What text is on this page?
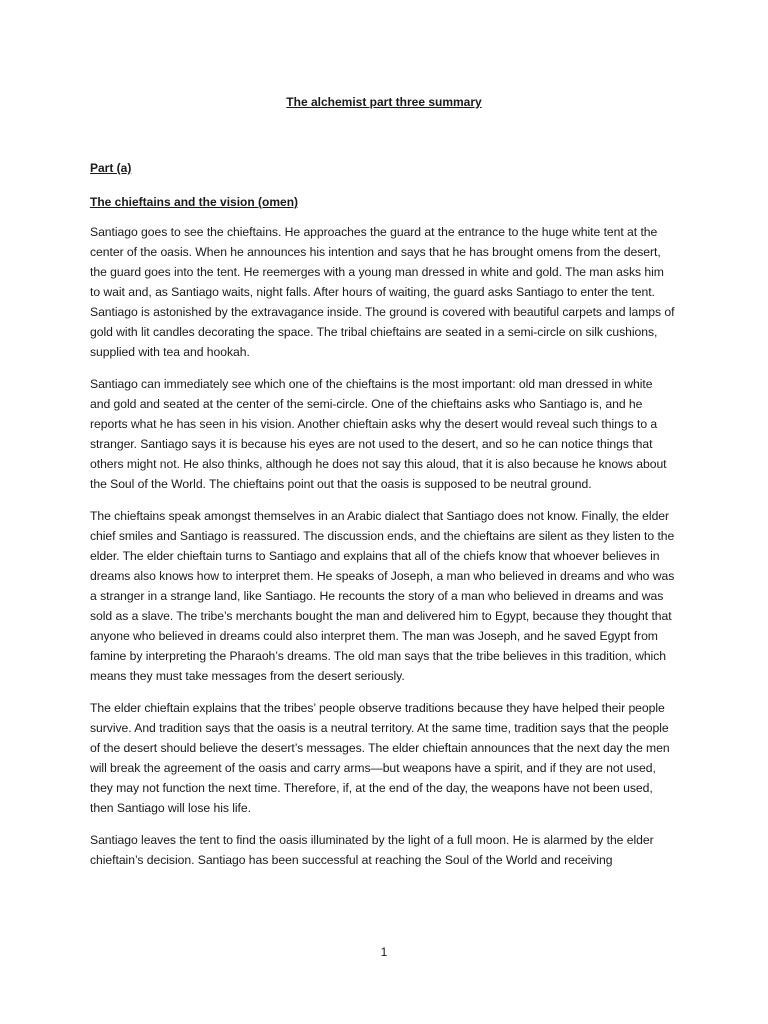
The alchemist part three summary

Part (a)

The chieftains and the vision (omen)

Santiago goes to see the chieftains. He approaches the guard at the entrance to the huge white tent at the center of the oasis. When he announces his intention and says that he has brought omens from the desert, the guard goes into the tent. He reemerges with a young man dressed in white and gold. The man asks him to wait and, as Santiago waits, night falls. After hours of waiting, the guard asks Santiago to enter the tent. Santiago is astonished by the extravagance inside. The ground is covered with beautiful carpets and lamps of gold with lit candles decorating the space. The tribal chieftains are seated in a semi-circle on silk cushions, supplied with tea and hookah.

Santiago can immediately see which one of the chieftains is the most important: old man dressed in white and gold and seated at the center of the semi-circle. One of the chieftains asks who Santiago is, and he reports what he has seen in his vision. Another chieftain asks why the desert would reveal such things to a stranger. Santiago says it is because his eyes are not used to the desert, and so he can notice things that others might not. He also thinks, although he does not say this aloud, that it is also because he knows about the Soul of the World. The chieftains point out that the oasis is supposed to be neutral ground.

The chieftains speak amongst themselves in an Arabic dialect that Santiago does not know. Finally, the elder chief smiles and Santiago is reassured. The discussion ends, and the chieftains are silent as they listen to the elder. The elder chieftain turns to Santiago and explains that all of the chiefs know that whoever believes in dreams also knows how to interpret them. He speaks of Joseph, a man who believed in dreams and who was a stranger in a strange land, like Santiago. He recounts the story of a man who believed in dreams and was sold as a slave. The tribe’s merchants bought the man and delivered him to Egypt, because they thought that anyone who believed in dreams could also interpret them. The man was Joseph, and he saved Egypt from famine by interpreting the Pharaoh’s dreams. The old man says that the tribe believes in this tradition, which means they must take messages from the desert seriously.

The elder chieftain explains that the tribes’ people observe traditions because they have helped their people survive. And tradition says that the oasis is a neutral territory. At the same time, tradition says that the people of the desert should believe the desert’s messages. The elder chieftain announces that the next day the men will break the agreement of the oasis and carry arms—but weapons have a spirit, and if they are not used, they may not function the next time. Therefore, if, at the end of the day, the weapons have not been used, then Santiago will lose his life.

Santiago leaves the tent to find the oasis illuminated by the light of a full moon. He is alarmed by the elder chieftain’s decision. Santiago has been successful at reaching the Soul of the World and receiving

1
